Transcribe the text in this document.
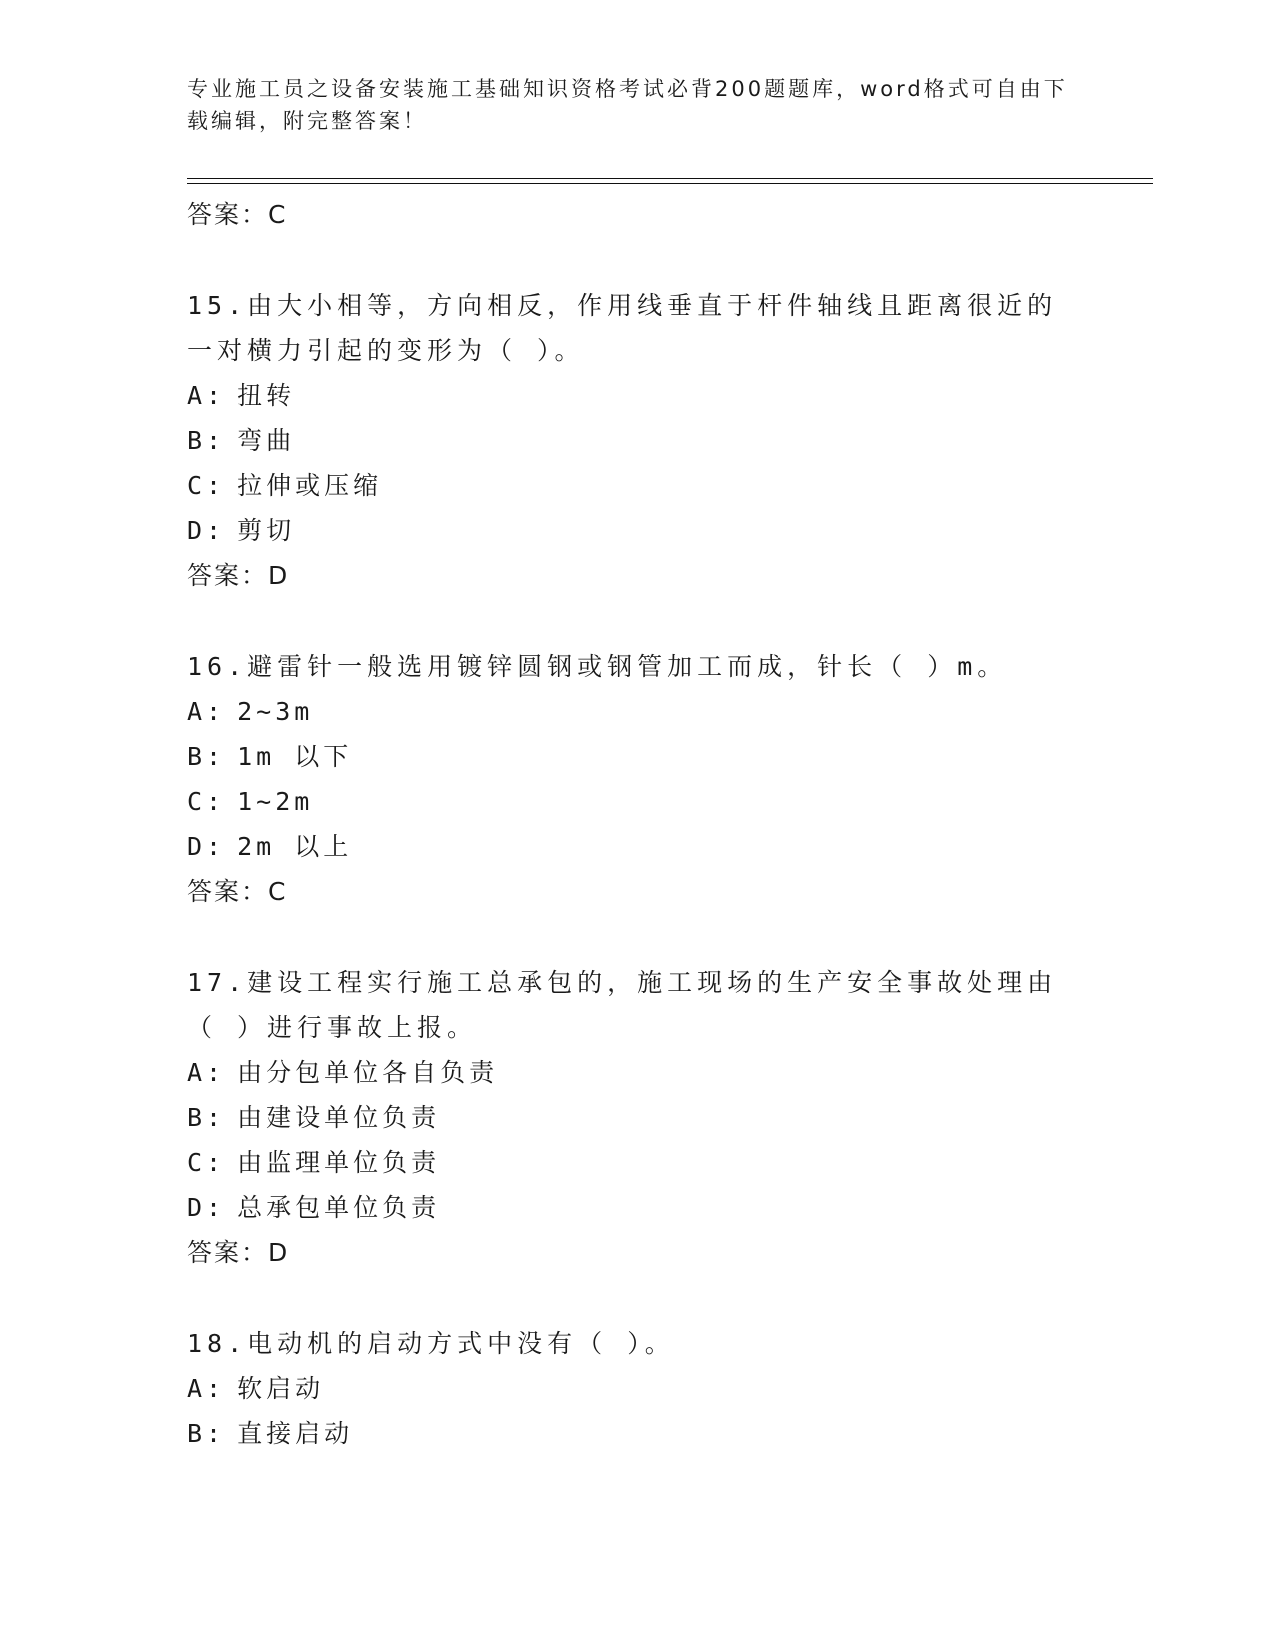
专业施工员之设备安装施工基础知识资格考试必背200题题库，word格式可自由下载编辑，附完整答案！
答案：C
15.由大小相等，方向相反，作用线垂直于杆件轴线且距离很近的一对横力引起的变形为（ ）。
A: 扭转
B: 弯曲
C: 拉伸或压缩
D: 剪切
答案：D
16.避雷针一般选用镀锌圆钢或钢管加工而成，针长（ ）m。
A: 2~3m
B: 1m 以下
C: 1~2m
D: 2m 以上
答案：C
17.建设工程实行施工总承包的，施工现场的生产安全事故处理由（ ）进行事故上报。
A: 由分包单位各自负责
B: 由建设单位负责
C: 由监理单位负责
D: 总承包单位负责
答案：D
18.电动机的启动方式中没有（ ）。
A: 软启动
B: 直接启动
